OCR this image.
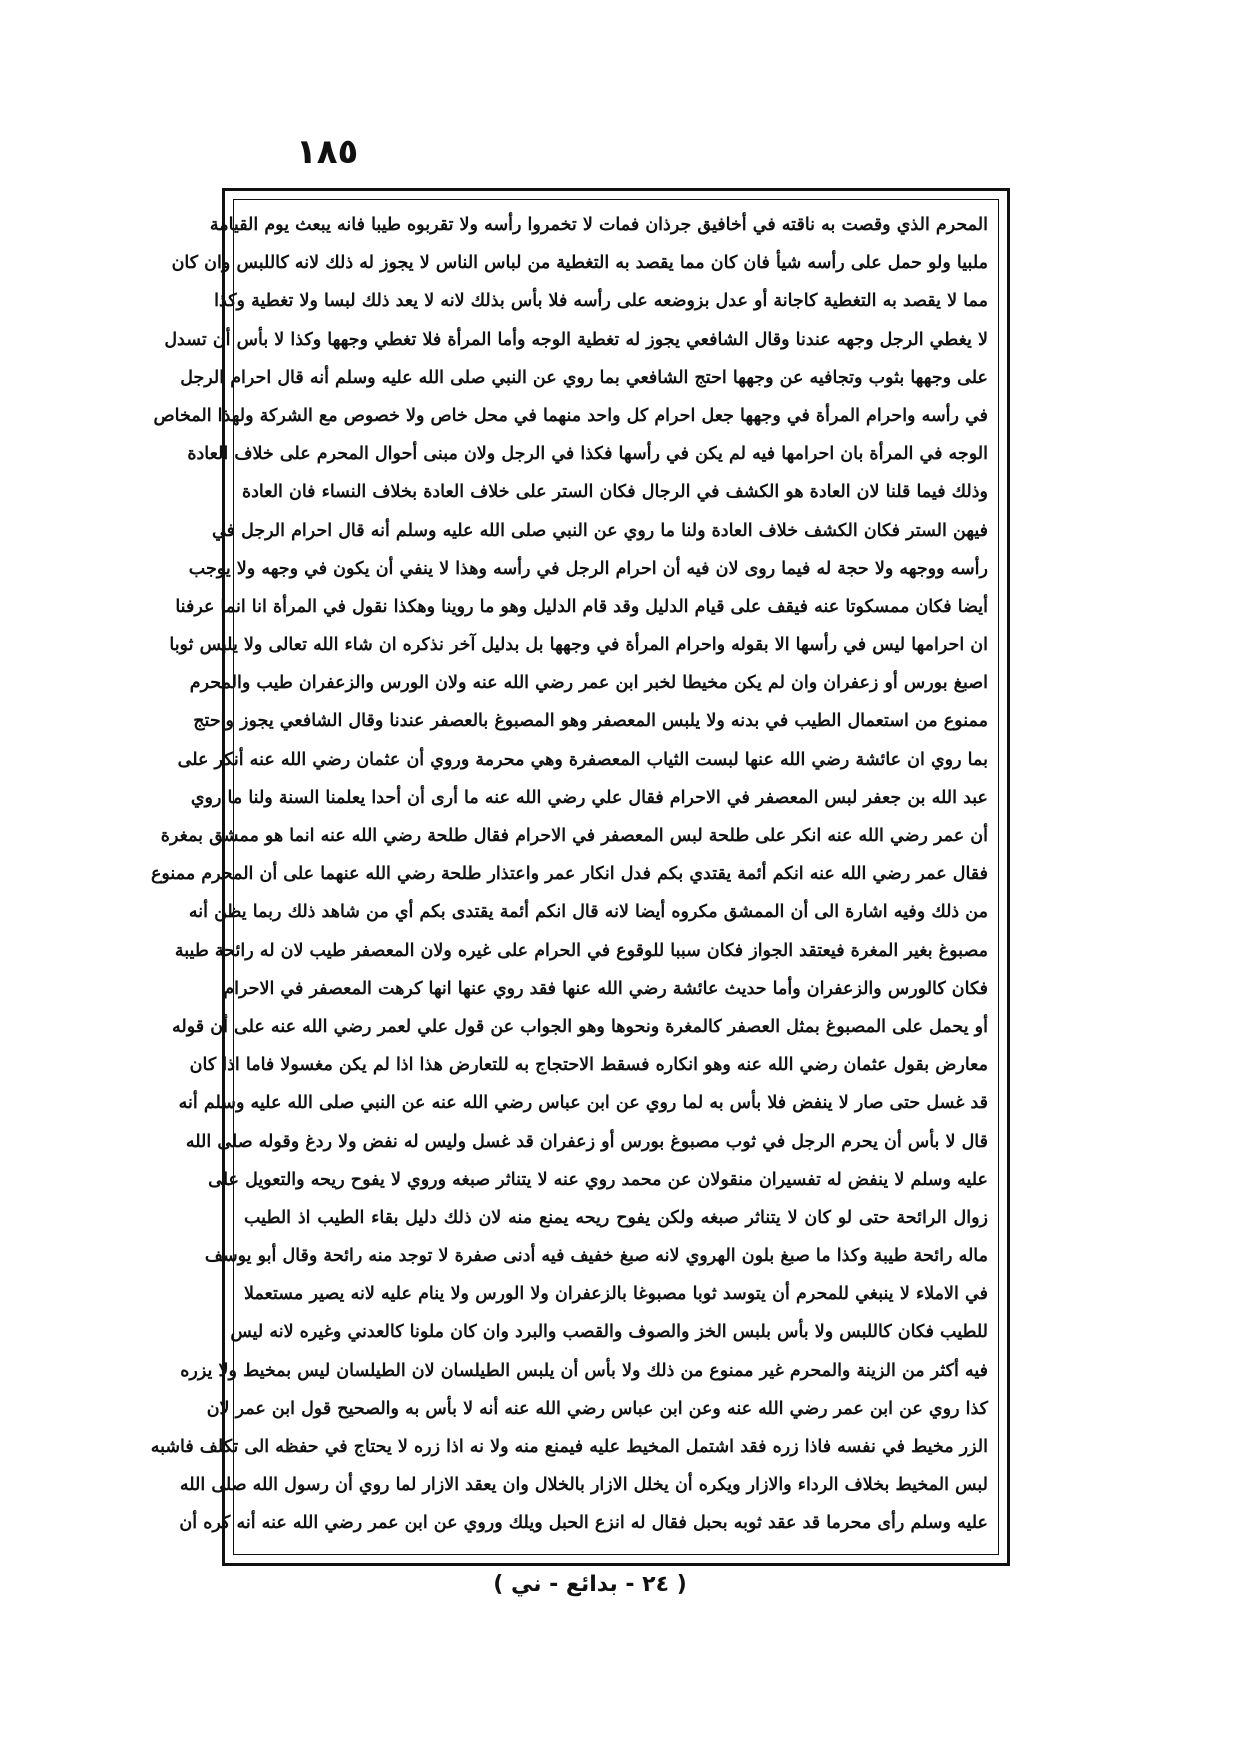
١٨٥
المحرم الذي وقصت به ناقته في أخافيق جرذان فمات لا تخمروا رأسه ولا تقربوه طيبا فانه يبعث يوم القيامة
ملبيا ولو حمل على رأسه شيأ فان كان مما يقصد به التغطية من لباس الناس لا يجوز له ذلك لانه كاللبس وان كان
مما لا يقصد به التغطية كاجانة أو عدل بزوضعه على رأسه فلا بأس بذلك لانه لا يعد ذلك لبسا ولا تغطية وكذا
لا يغطي الرجل وجهه عندنا وقال الشافعي يجوز له تغطية الوجه وأما المرأة فلا تغطي وجهها وكذا لا بأس أن تسدل
على وجهها بثوب وتجافيه عن وجهها احتج الشافعي بما روي عن النبي صلى الله عليه وسلم أنه قال احرام الرجل
في رأسه واحرام المرأة في وجهها جعل احرام كل واحد منهما في محل خاص ولا خصوص مع الشركة ولهذا المخاص
الوجه في المرأة بان احرامها فيه لم يكن في رأسها فكذا في الرجل ولان مبنى أحوال المحرم على خلاف العادة
وذلك فيما قلنا لان العادة هو الكشف في الرجال فكان الستر على خلاف العادة بخلاف النساء فان العادة
فيهن الستر فكان الكشف خلاف العادة ولنا ما روي عن النبي صلى الله عليه وسلم أنه قال احرام الرجل في
رأسه ووجهه ولا حجة له فيما روى لان فيه أن احرام الرجل في رأسه وهذا لا ينفي أن يكون في وجهه ولا يوجب
أيضا فكان ممسكوتا عنه فيقف على قيام الدليل وقد قام الدليل وهو ما روينا وهكذا نقول في المرأة انا انما عرفنا
ان احرامها ليس في رأسها الا بقوله واحرام المرأة في وجهها بل بدليل آخر نذكره ان شاء الله تعالى ولا يلبس ثوبا
اصبغ بورس أو زعفران وان لم يكن مخيطا لخبر ابن عمر رضي الله عنه ولان الورس والزعفران طيب والمحرم
ممنوع من استعمال الطيب في بدنه ولا يلبس المعصفر وهو المصبوغ بالعصفر عندنا وقال الشافعي يجوز واحتج
بما روي ان عائشة رضي الله عنها لبست الثياب المعصفرة وهي محرمة وروي أن عثمان رضي الله عنه أنكر على
عبد الله بن جعفر لبس المعصفر في الاحرام فقال علي رضي الله عنه ما أرى أن أحدا يعلمنا السنة ولنا ما روي
أن عمر رضي الله عنه انكر على طلحة لبس المعصفر في الاحرام فقال طلحة رضي الله عنه انما هو ممشق بمغرة
فقال عمر رضي الله عنه انكم أئمة يقتدي بكم فدل انكار عمر واعتذار طلحة رضي الله عنهما على أن المحرم ممنوع
من ذلك وفيه اشارة الى أن الممشق مكروه أيضا لانه قال انكم أئمة يقتدى بكم أي من شاهد ذلك ربما يظن أنه
مصبوغ بغير المغرة فيعتقد الجواز فكان سببا للوقوع في الحرام على غيره ولان المعصفر طيب لان له رائحة طيبة
فكان كالورس والزعفران وأما حديث عائشة رضي الله عنها فقد روي عنها انها كرهت المعصفر في الاحرام
أو يحمل على المصبوغ بمثل العصفر كالمغرة ونحوها وهو الجواب عن قول علي لعمر رضي الله عنه على أن قوله
معارض بقول عثمان رضي الله عنه وهو انكاره فسقط الاحتجاج به للتعارض هذا اذا لم يكن مغسولا فاما اذا كان
قد غسل حتى صار لا ينفض فلا بأس به لما روي عن ابن عباس رضي الله عنه عن النبي صلى الله عليه وسلم أنه
قال لا بأس أن يحرم الرجل في ثوب مصبوغ بورس أو زعفران قد غسل وليس له نفض ولا ردغ وقوله صلى الله
عليه وسلم لا ينفض له تفسيران منقولان عن محمد روي عنه لا يتناثر صبغه وروي لا يفوح ريحه والتعويل على
زوال الرائحة حتى لو كان لا يتناثر صبغه ولكن يفوح ريحه يمنع منه لان ذلك دليل بقاء الطيب اذ الطيب
ماله رائحة طيبة وكذا ما صبغ بلون الهروي لانه صبغ خفيف فيه أدنى صفرة لا توجد منه رائحة وقال أبو يوسف
في الاملاء لا ينبغي للمحرم أن يتوسد ثوبا مصبوغا بالزعفران ولا الورس ولا ينام عليه لانه يصير مستعملا
للطيب فكان كاللبس ولا بأس بلبس الخز والصوف والقصب والبرد وان كان ملونا كالعدني وغيره لانه ليس
فيه أكثر من الزينة والمحرم غير ممنوع من ذلك ولا بأس أن يلبس الطيلسان لان الطيلسان ليس بمخيط ولا يزره
كذا روي عن ابن عمر رضي الله عنه وعن ابن عباس رضي الله عنه أنه لا بأس به والصحيح قول ابن عمر لان
الزر مخيط في نفسه فاذا زره فقد اشتمل المخيط عليه فيمنع منه ولا نه اذا زره لا يحتاج في حفظه الى تكلف فاشبه
لبس المخيط بخلاف الرداء والازار ويكره أن يخلل الازار بالخلال وان يعقد الازار لما روي أن رسول الله صلى الله
عليه وسلم رأى محرما قد عقد ثوبه بحبل فقال له انزع الحبل ويلك وروي عن ابن عمر رضي الله عنه أنه كره أن
( ٢٤ - بدائع - ني )
